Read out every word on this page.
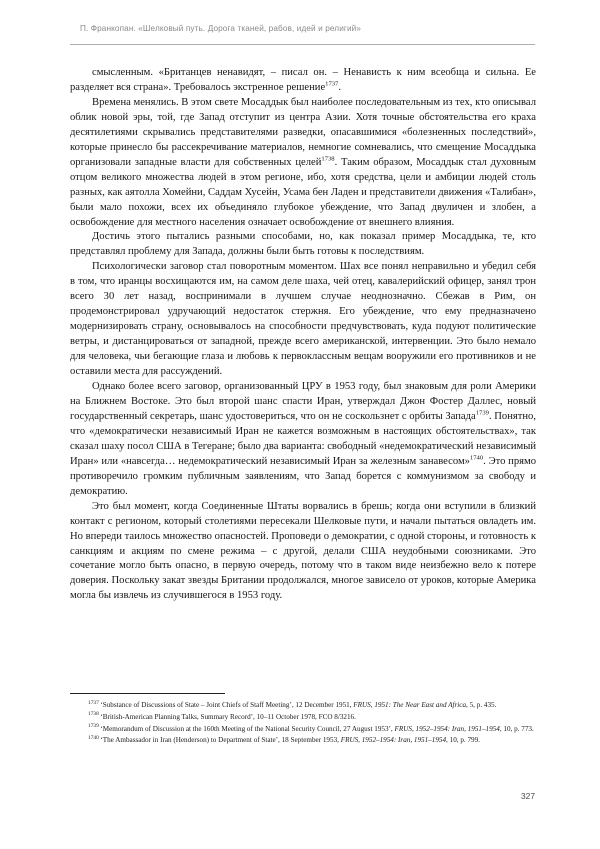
П. Франкопан. «Шелковый путь. Дорога тканей, рабов, идей и религий»

смысленным. «Британцев ненавидят, – писал он. – Ненависть к ним всеобща и сильна. Ее разделяет вся страна». Требовалось экстренное решение$^{1737}$.

Времена менялись. В этом свете Мосаддык был наиболее последовательным из тех, кто описывал облик новой эры, той, где Запад отступит из центра Азии. Хотя точные обстоятельства его краха десятилетиями скрывались представителями разведки, опасавшимися «болезненных последствий», которые принесло бы рассекречивание материалов, немногие сомневались, что смещение Мосаддыка организовали западные власти для собственных целей$^{1738}$. Таким образом, Мосаддык стал духовным отцом великого множества людей в этом регионе, ибо, хотя средства, цели и амбиции людей столь разных, как аятолла Хомейни, Саддам Хусейн, Усама бен Ладен и представители движения «Талибан», были мало похожи, всех их объединяло глубокое убеждение, что Запад двуличен и злобен, а освобождение для местного населения означает освобождение от внешнего влияния.

Достичь этого пытались разными способами, но, как показал пример Мосаддыка, те, кто представлял проблему для Запада, должны были быть готовы к последствиям.

Психологически заговор стал поворотным моментом. Шах все понял неправильно и убедил себя в том, что иранцы восхищаются им, на самом деле шаха, чей отец, кавалерийский офицер, занял трон всего 30 лет назад, воспринимали в лучшем случае неоднозначно. Сбежав в Рим, он продемонстрировал удручающий недостаток стержня. Его убеждение, что ему предназначено модернизировать страну, основывалось на способности предчувствовать, куда подуют политические ветры, и дистанцироваться от западной, прежде всего американской, интервенции. Это было немало для человека, чьи бегающие глаза и любовь к первоклассным вещам вооружили его противников и не оставили места для рассуждений.

Однако более всего заговор, организованный ЦРУ в 1953 году, был знаковым для роли Америки на Ближнем Востоке. Это был второй шанс спасти Иран, утверждал Джон Фостер Даллес, новый государственный секретарь, шанс удостовериться, что он не соскользнет с орбиты Запада$^{1739}$. Понятно, что «демократически независимый Иран не кажется возможным в настоящих обстоятельствах», так сказал шаху посол США в Тегеране; было два варианта: свободный «недемократический независимый Иран» или «навсегда… недемократический независимый Иран за железным занавесом»$^{1740}$. Это прямо противоречило громким публичным заявлениям, что Запад борется с коммунизмом за свободу и демократию.

Это был момент, когда Соединенные Штаты ворвались в брешь; когда они вступили в близкий контакт с регионом, который столетиями пересекали Шелковые пути, и начали пытаться овладеть им. Но впереди таилось множество опасностей. Проповеди о демократии, с одной стороны, и готовность к санкциям и акциям по смене режима – с другой, делали США неудобными союзниками. Это сочетание могло быть опасно, в первую очередь, потому что в таком виде неизбежно вело к потере доверия. Поскольку закат звезды Британии продолжался, многое зависело от уроков, которые Америка могла бы извлечь из случившегося в 1953 году.

$^{1737}$ ‘Substance of Discussions of State – Joint Chiefs of Staff Meeting’, 12 December 1951, FRUS, 1951: The Near East and Africa, 5, p. 435.

$^{1738}$ ‘British-American Planning Talks, Summary Record’, 10–11 October 1978, FCO 8/3216.

$^{1739}$ ‘Memorandum of Discussion at the 160th Meeting of the National Security Council, 27 August 1953’, FRUS, 1952–1954: Iran, 1951–1954, 10, p. 773.

$^{1740}$ ‘The Ambassador in Iran (Henderson) to Department of State’, 18 September 1953, FRUS, 1952–1954: Iran, 1951–1954, 10, p. 799.

327
